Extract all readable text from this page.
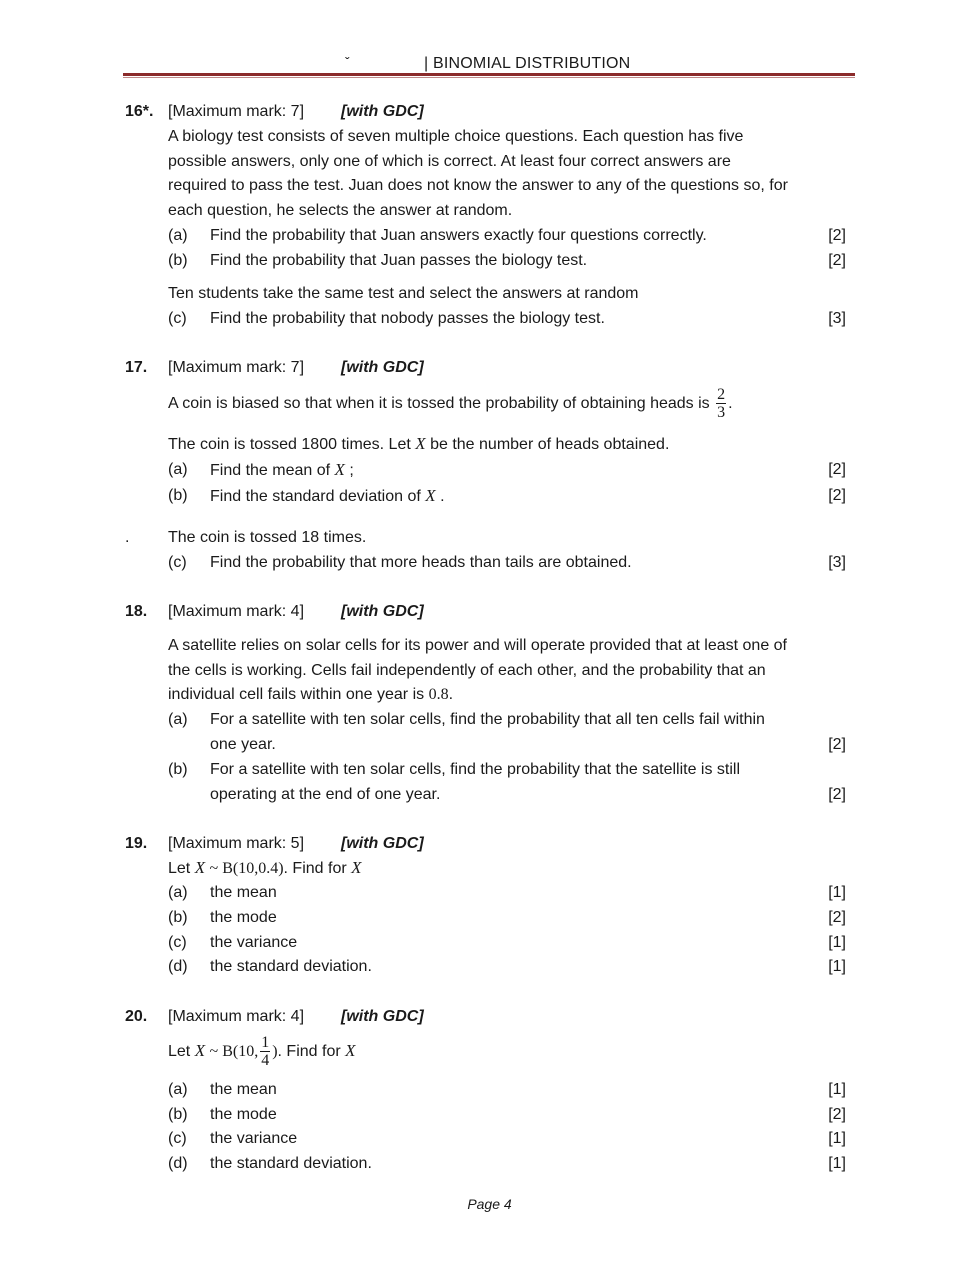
ˇ	| BINOMIAL DISTRIBUTION
16*. [Maximum mark: 7] [with GDC]
A biology test consists of seven multiple choice questions. Each question has five
possible answers, only one of which is correct. At least four correct answers are
required to pass the test. Juan does not know the answer to any of the questions so, for
each question, he selects the answer at random.
(a) Find the probability that Juan answers exactly four questions correctly.	[2]
(b) Find the probability that Juan passes the biology test.	[2]
Ten students take the same test and select the answers at random
(c) Find the probability that nobody passes the biology test.	[3]
17. [Maximum mark: 7] [with GDC]
A coin is biased so that when it is tossed the probability of obtaining heads is $\frac{2}{3}$ .
The coin is tossed 1800 times. Let X be the number of heads obtained.
(a) Find the mean of X ;	[2]
(b) Find the standard deviation of X .	[2]
. The coin is tossed 18 times.
(c) Find the probability that more heads than tails are obtained.	[3]
18. [Maximum mark: 4] [with GDC]
A satellite relies on solar cells for its power and will operate provided that at least one of
the cells is working. Cells fail independently of each other, and the probability that an
individual cell fails within one year is 0.8.
(a) For a satellite with ten solar cells, find the probability that all ten cells fail within
one year.	[2]
(b) For a satellite with ten solar cells, find the probability that the satellite is still
operating at the end of one year.	[2]
19. [Maximum mark: 5] [with GDC]
Let X ~ B(10,0.4). Find for X
(a) the mean	[1]
(b) the mode	[2]
(c) the variance	[1]
(d) the standard deviation.	[1]
20. [Maximum mark: 4] [with GDC]
Let X ~ B(10, $\frac{1}{4}$ ). Find for X
(a) the mean	[1]
(b) the mode	[2]
(c) the variance	[1]
(d) the standard deviation.	[1]
Page 4
